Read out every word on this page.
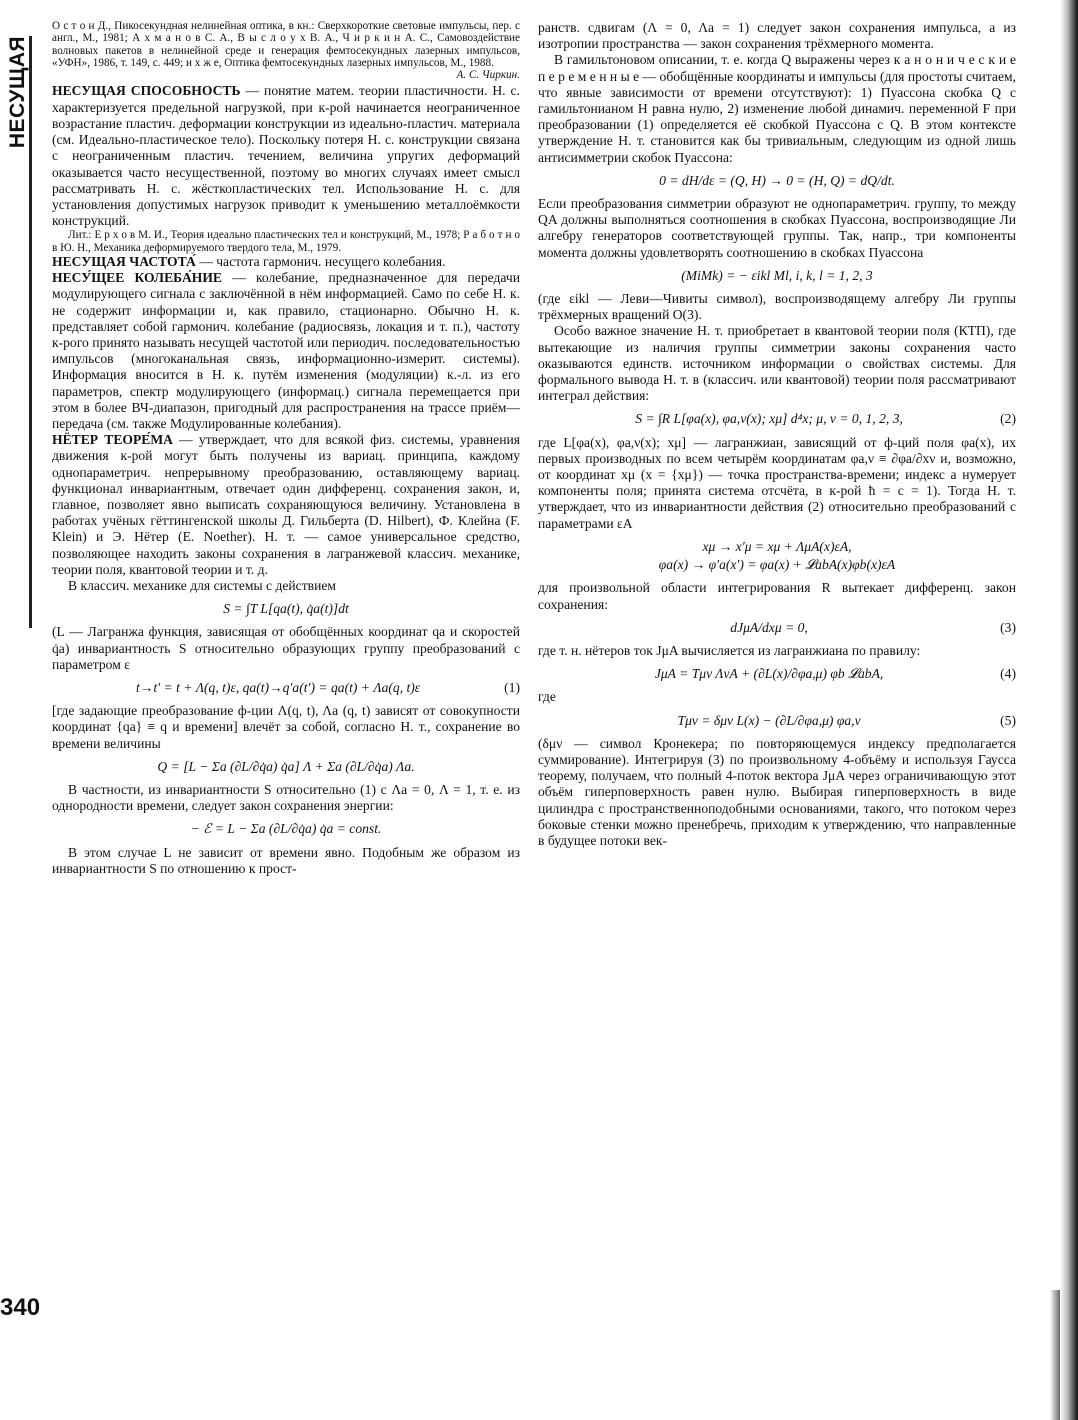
НЕСУЩАЯ
340

О с т о н Д., Пикосекундная нелинейная оптика, в кн.: Сверхкороткие световые импульсы, пер. с англ., М., 1981; А х м а н о в С. А., В ы с л о у х В. А., Ч и р к и н А. С., Самовоздействие волновых пакетов в нелинейной среде и генерация фемтосекундных лазерных импульсов, «УФН», 1986, т. 149, с. 449; и х ж е, Оптика фемтосекундных лазерных импульсов, М., 1988.
А. С. Чиркин.

НЕСУЩАЯ СПОСОБНОСТЬ — понятие матем. теории пластичности. Н. с. характеризуется предельной нагрузкой, при к-рой начинается неограниченное возрастание пластич. деформации конструкции из идеально-пластич. материала (см. Идеально-пластическое тело). Поскольку потеря Н. с. конструкции связана с неограниченным пластич. течением, величина упругих деформаций оказывается часто несущественной, поэтому во многих случаях имеет смысл рассматривать Н. с. жёсткопластических тел. Использование Н. с. для установления допустимых нагрузок приводит к уменьшению металлоёмкости конструкций.

Лит.: Е р х о в М. И., Теория идеально пластических тел и конструкций, М., 1978; Р а б о т н о в Ю. Н., Механика деформируемого твердого тела, М., 1979.

НЕСУЩАЯ ЧАСТОТА́ — частота гармонич. несущего колебания.

НЕСУ́ЩЕЕ КОЛЕБА́НИЕ — колебание, предназначенное для передачи модулирующего сигнала с заключённой в нём информацией. Само по себе Н. к. не содержит информации и, как правило, стационарно. Обычно Н. к. представляет собой гармонич. колебание (радиосвязь, локация и т. п.), частоту к-рого принято называть несущей частотой или периодич. последовательностью импульсов (многоканальная связь, информационно-измерит. системы). Информация вносится в Н. к. путём изменения (модуляции) к.-л. из его параметров, спектр модулирующего (информац.) сигнала перемещается при этом в более ВЧ-диапазон, пригодный для распространения на трассе приём—передача (см. также Модулированные колебания).

НЁТЕР ТЕОРЕ́МА — утверждает, что для всякой физ. системы, уравнения движения к-рой могут быть получены из вариац. принципа, каждому однопараметрич. непрерывному преобразованию, оставляющему вариац. функционал инвариантным, отвечает один дифференц. сохранения закон, и, главное, позволяет явно выписать сохраняющуюся величину. Установлена в работах учёных гёттингенской школы Д. Гильберта (D. Hilbert), Ф. Клейна (F. Klein) и Э. Нётер (E. Noether). Н. т. — самое универсальное средство, позволяющее находить законы сохранения в лагранжевой классич. механике, теории поля, квантовой теории и т. д.

В классич. механике для системы с действием

S = ∫T L[qa(t), q̇a(t)]dt

(L — Лагранжа функция, зависящая от обобщённых координат qa и скоростей q̇a) инвариантность S относительно образующих группу преобразований с параметром ε

t→t′ = t + Λ(q, t)ε, qa(t)→q′a(t′) = qa(t) + Λa(q, t)ε	(1)

[где задающие преобразование ф-ции Λ(q, t), Λa (q, t) зависят от совокупности координат {qa} ≡ q и времени] влечёт за собой, согласно Н. т., сохранение во времени величины

Q = [L − Σa (∂L/∂q̇a) q̇a] Λ + Σa (∂L/∂q̇a) Λa.

В частности, из инвариантности S относительно (1) с Λa = 0, Λ = 1, т. е. из однородности времени, следует закон сохранения энергии:

− ℰ = L − Σa (∂L/∂q̇a) q̇a = const.

В этом случае L не зависит от времени явно. Подобным же образом из инвариантности S по отношению к прост-

ранств. сдвигам (Λ = 0, Λa = 1) следует закон сохранения импульса, а из изотропии пространства — закон сохранения трёхмерного момента.

В гамильтоновом описании, т. е. когда Q выражены через к а н о н и ч е с к и е п е р е м е н н ы е — обобщённые координаты и импульсы (для простоты считаем, что явные зависимости от времени отсутствуют): 1) Пуассона скобка Q с гамильтонианом H равна нулю, 2) изменение любой динамич. переменной F при преобразовании (1) определяется её скобкой Пуассона с Q. В этом контексте утверждение Н. т. становится как бы тривиальным, следующим из одной лишь антисимметрии скобок Пуассона:

0 = dH/dε = (Q, H) → 0 = (H, Q) = dQ/dt.

Если преобразования симметрии образуют не однопараметрич. группу, то между QA должны выполняться соотношения в скобках Пуассона, воспроизводящие Ли алгебру генераторов соответствующей группы. Так, напр., три компоненты момента должны удовлетворять соотношению в скобках Пуассона

(MiMk) = − εikl Ml, i, k, l = 1, 2, 3

(где εikl — Леви—Чивиты символ), воспроизводящему алгебру Ли группы трёхмерных вращений O(3).

Особо важное значение Н. т. приобретает в квантовой теории поля (КТП), где вытекающие из наличия группы симметрии законы сохранения часто оказываются единств. источником информации о свойствах системы. Для формального вывода Н. т. в (классич. или квантовой) теории поля рассматривают интеграл действия:

S = ∫R L[φa(x), φa,ν(x); xμ] d⁴x; μ, ν = 0, 1, 2, 3,	(2)

где L[φa(x), φa,ν(x); xμ] — лагранжиан, зависящий от ф-ций поля φa(x), их первых производных по всем четырём координатам φa,ν ≡ ∂φa/∂xν и, возможно, от координат xμ (x = {xμ}) — точка пространства-времени; индекс a нумерует компоненты поля; принята система отсчёта, в к-рой ħ = c = 1). Тогда Н. т. утверждает, что из инвариантности действия (2) относительно преобразований с параметрами εA

xμ → x′μ = xμ + ΛμA(x)εA,
φa(x) → φ′a(x′) = φa(x) + 𝓛abA(x)φb(x)εA

для произвольной области интегрирования R вытекает дифференц. закон сохранения:

dJμA/dxμ = 0,	(3)

где т. н. нётеров ток JμA вычисляется из лагранжиана по правилу:

JμA = Tμν ΛνA + (∂L(x)/∂φa,μ) φb 𝓛abA,	(4)

где

Tμν = δμν L(x) − (∂L/∂φa,μ) φa,ν	(5)

(δμν — символ Кронекера; по повторяющемуся индексу предполагается суммирование). Интегрируя (3) по произвольному 4-объёму и используя Гаусса теорему, получаем, что полный 4-поток вектора JμA через ограничивающую этот объём гиперповерхность равен нулю. Выбирая гиперповерхность в виде цилиндра с пространственноподобными основаниями, такого, что потоком через боковые стенки можно пренебречь, приходим к утверждению, что направленные в будущее потоки век-
